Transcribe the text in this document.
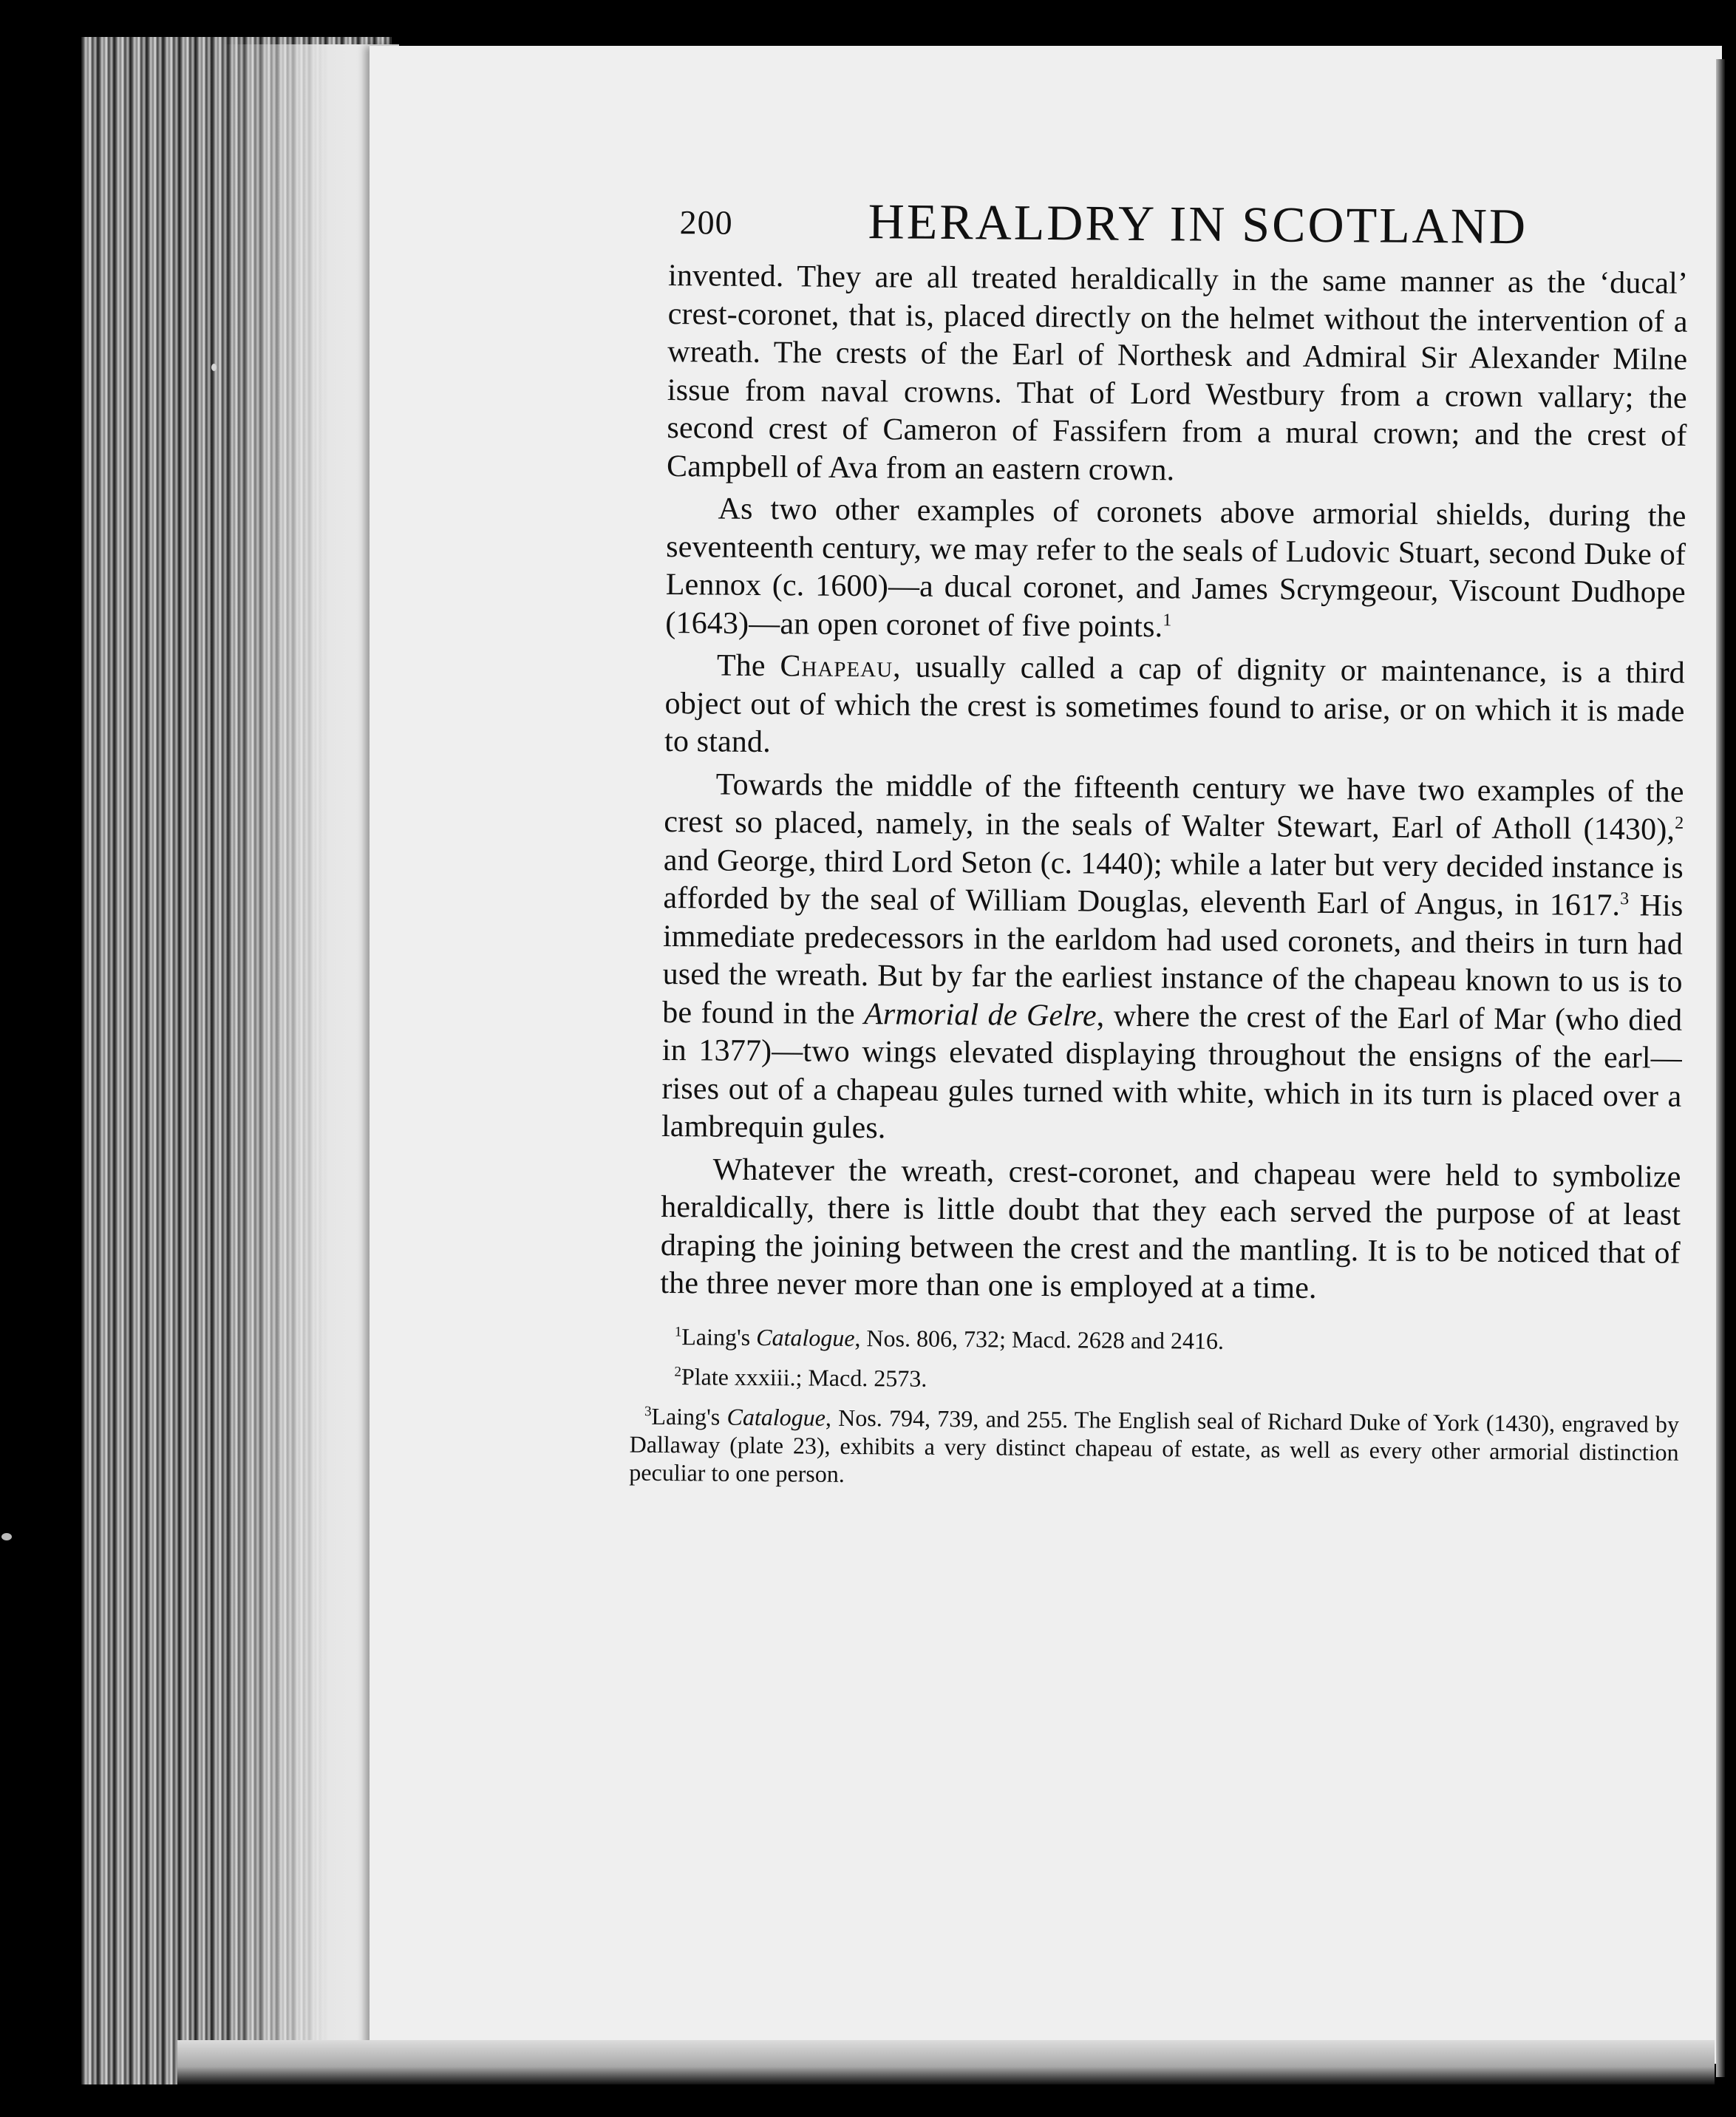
200	HERALDRY IN SCOTLAND

invented. They are all treated heraldically in the same manner as the ‘ducal’ crest-coronet, that is, placed directly on the helmet without the intervention of a wreath. The crests of the Earl of Northesk and Admiral Sir Alexander Milne issue from naval crowns. That of Lord Westbury from a crown vallary; the second crest of Cameron of Fassifern from a mural crown; and the crest of Campbell of Ava from an eastern crown.

As two other examples of coronets above armorial shields, during the seventeenth century, we may refer to the seals of Ludovic Stuart, second Duke of Lennox (c. 1600)—a ducal coronet, and James Scrymgeour, Viscount Dudhope (1643)—an open coronet of five points.$^1$

The Chapeau, usually called a cap of dignity or maintenance, is a third object out of which the crest is sometimes found to arise, or on which it is made to stand.

Towards the middle of the fifteenth century we have two examples of the crest so placed, namely, in the seals of Walter Stewart, Earl of Atholl (1430),$^2$ and George, third Lord Seton (c. 1440); while a later but very decided instance is afforded by the seal of William Douglas, eleventh Earl of Angus, in 1617.$^3$ His immediate predecessors in the earldom had used coronets, and theirs in turn had used the wreath. But by far the earliest instance of the chapeau known to us is to be found in the Armorial de Gelre, where the crest of the Earl of Mar (who died in 1377)—two wings elevated displaying throughout the ensigns of the earl—rises out of a chapeau gules turned with white, which in its turn is placed over a lambrequin gules.

Whatever the wreath, crest-coronet, and chapeau were held to symbolize heraldically, there is little doubt that they each served the purpose of at least draping the joining between the crest and the mantling. It is to be noticed that of the three never more than one is employed at a time.

$^1$Laing's Catalogue, Nos. 806, 732; Macd. 2628 and 2416.

$^2$Plate xxxiii.; Macd. 2573.

$^3$Laing's Catalogue, Nos. 794, 739, and 255. The English seal of Richard Duke of York (1430), engraved by Dallaway (plate 23), exhibits a very distinct chapeau of estate, as well as every other armorial distinction peculiar to one person.
